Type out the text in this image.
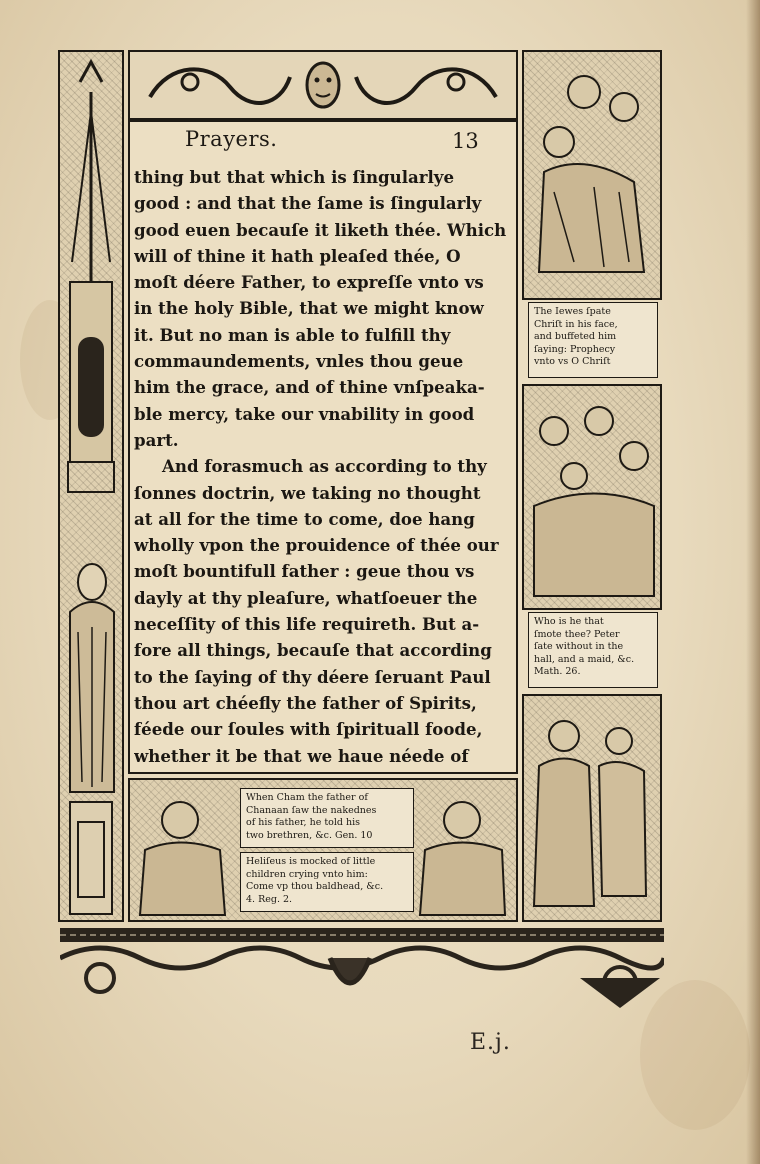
The Iewes ſpate
Chriſt in his face,
and buffeted him
ſaying: Prophecy
vnto vs O Chriſt
Who is he that
ſmote thee? Peter
ſate without in the
hall, and a maid, &c.
Math. 26.
When Cham the father of
Chanaan ſaw the nakednes
of his father, he told his
two brethren, &c. Gen. 10
Heliſeus is mocked of little
children crying vnto him:
Come vp thou baldhead, &c.
4. Reg. 2.
Prayers.	13
thing but that which is ſingularlye
good : and that the ſame is ſingularly
good euen becauſe it liketh thée. Which
will of thine it hath pleaſed thée, O
moſt déere Father, to expreſſe vnto vs
in the holy Bible, that we might know
it. But no man is able to fulfill thy
commaundements, vnles thou geue
him the grace, and of thine vnſpeaka-
ble mercy, take our vnability in good
part.
And forasmuch as according to thy
ſonnes doctrin, we taking no thought
at all for the time to come, doe hang
wholly vpon the prouidence of thée our
moſt bountifull father : geue thou vs
dayly at thy pleaſure, whatſoeuer the
neceſſity of this life requireth. But a-
fore all things, becauſe that according
to the ſaying of thy déere ſeruant Paul
thou art chéefly the father of Spirits,
féede our ſoules with ſpirituall foode,
whether it be that we haue néede of
E.j.
